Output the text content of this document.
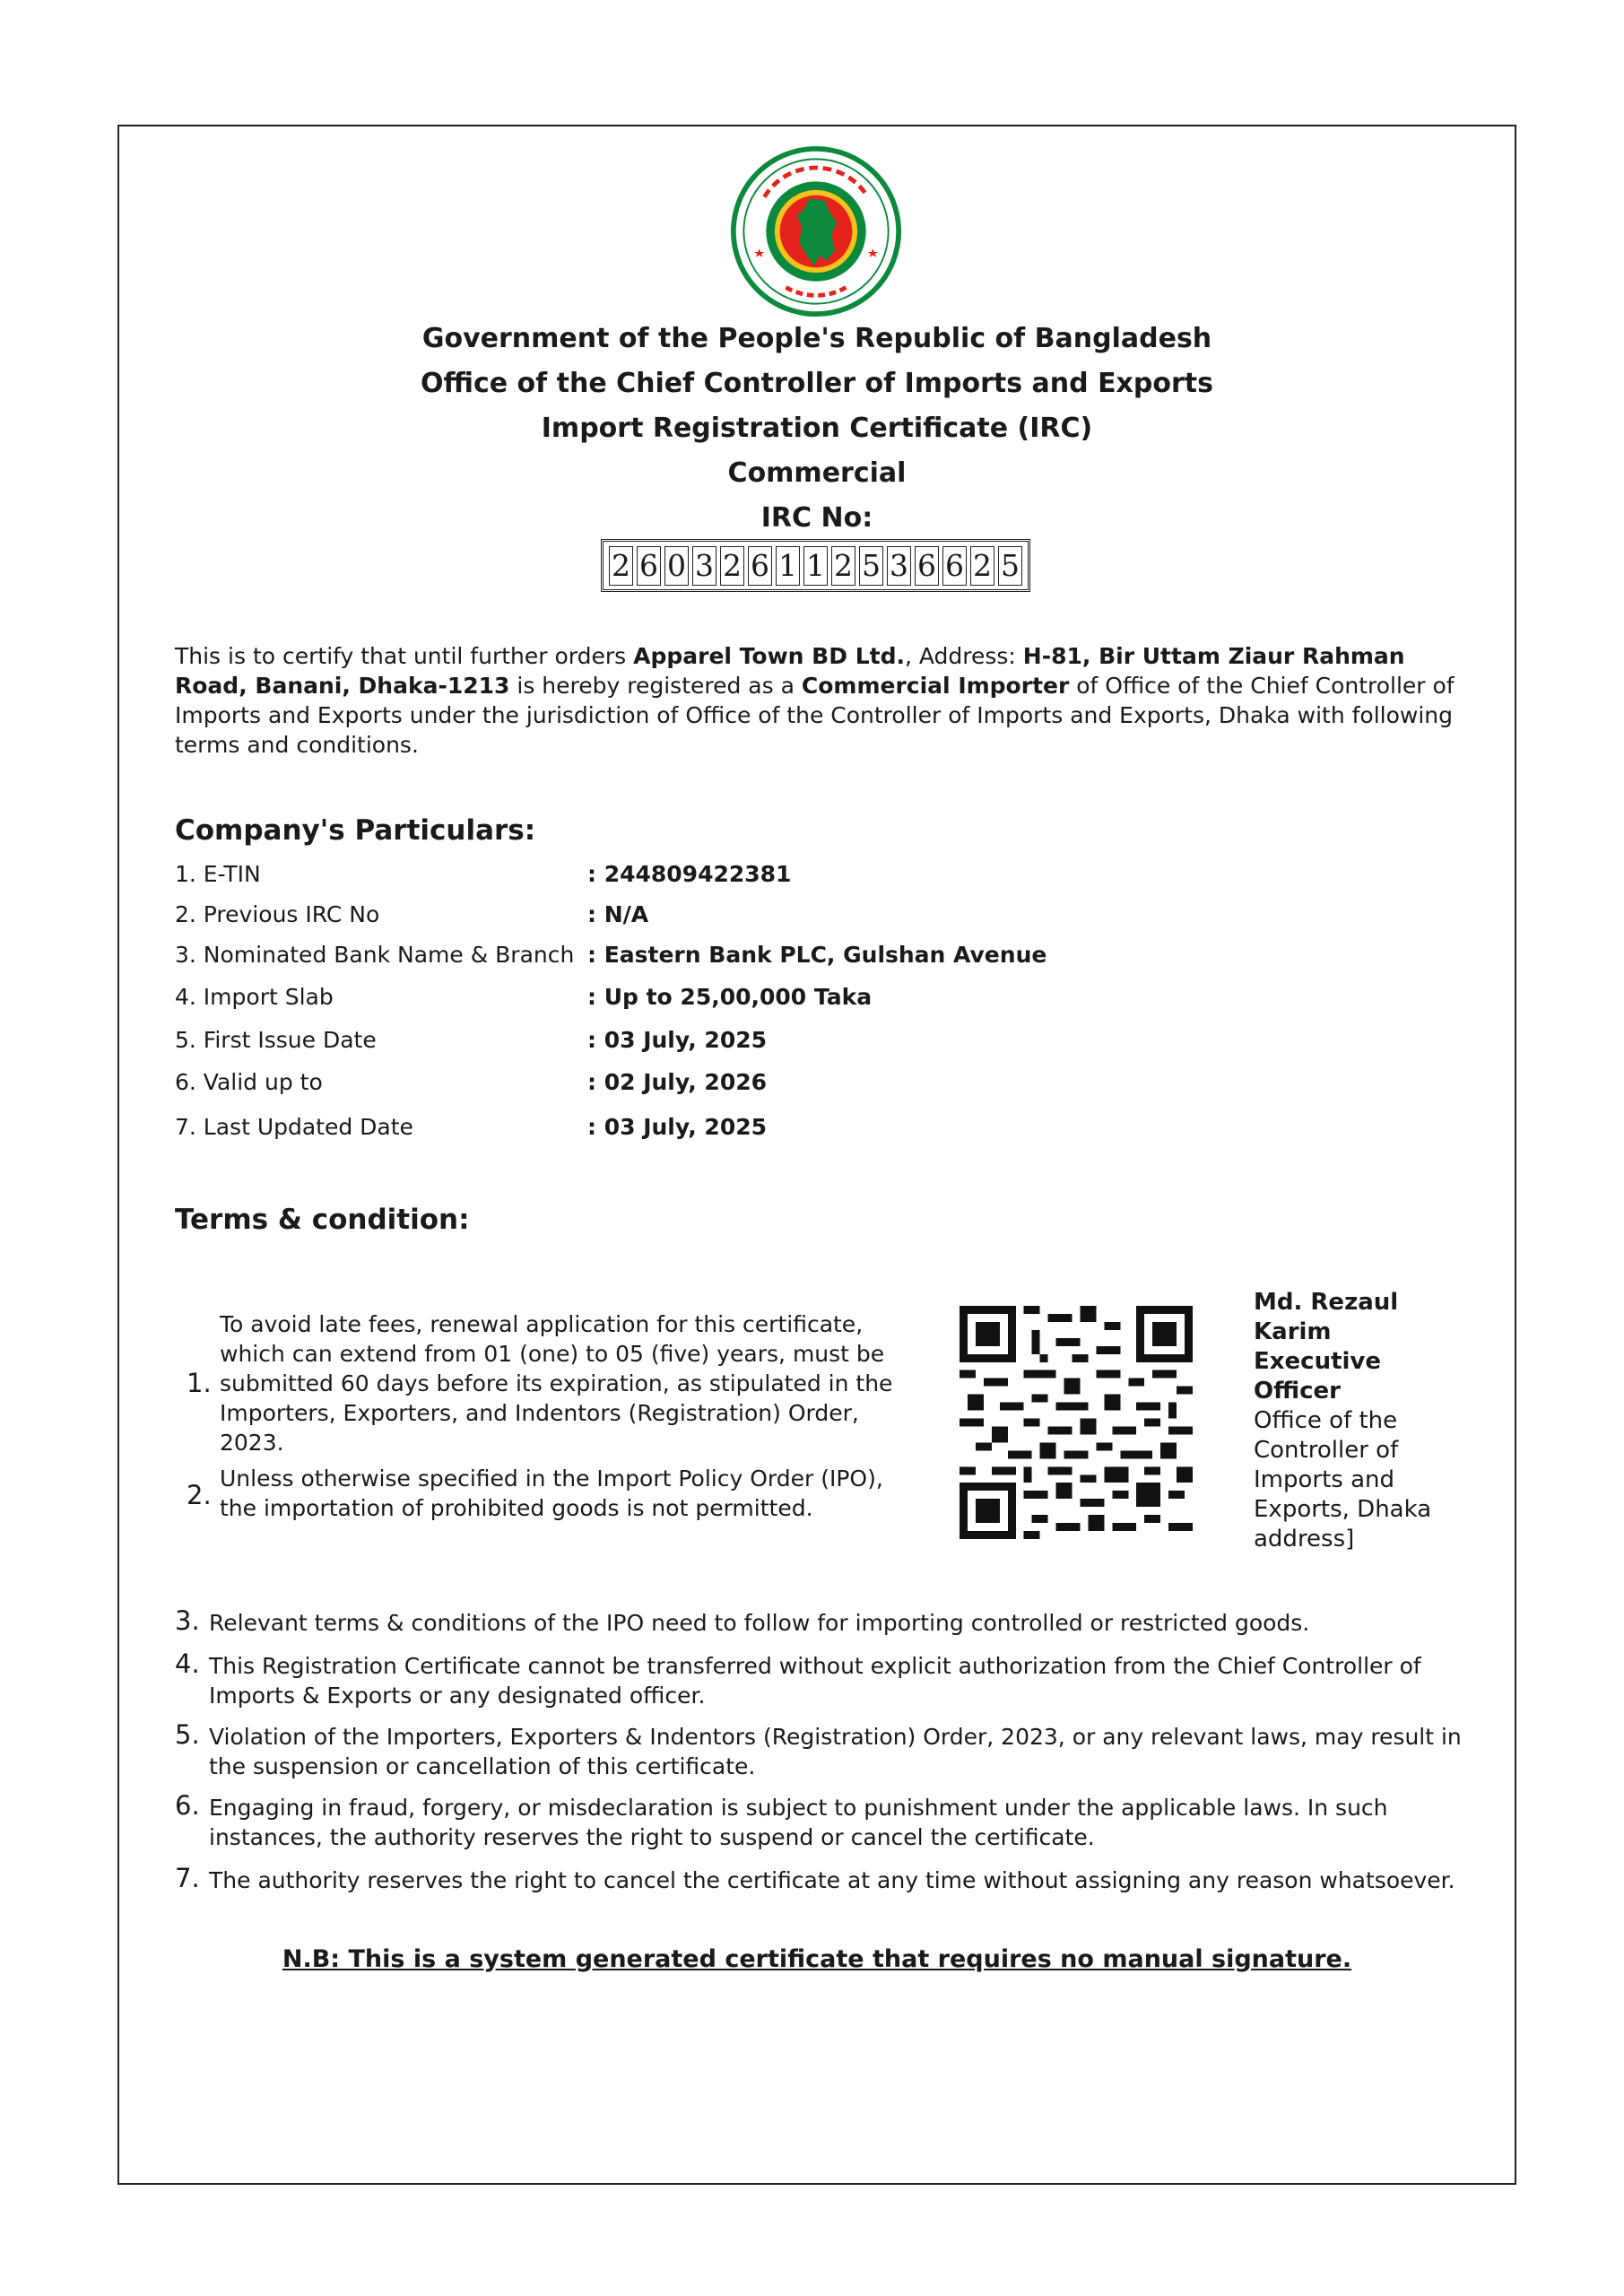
Government of the People's Republic of Bangladesh
Office of the Chief Controller of Imports and Exports
Import Registration Certificate (IRC)
Commercial
IRC No:
2 6 0 3 2 6 1 1 2 5 3 6 6 2 5
This is to certify that until further orders Apparel Town BD Ltd., Address: H-81, Bir Uttam Ziaur Rahman Road, Banani, Dhaka-1213 is hereby registered as a Commercial Importer of Office of the Chief Controller of Imports and Exports under the jurisdiction of Office of the Controller of Imports and Exports, Dhaka with following terms and conditions.
Company's Particulars:
1. E-TIN	: 244809422381
2. Previous IRC No	: N/A
3. Nominated Bank Name & Branch : Eastern Bank PLC, Gulshan Avenue
4. Import Slab	: Up to 25,00,000 Taka
5. First Issue Date	: 03 July, 2025
6. Valid up to	: 02 July, 2026
7. Last Updated Date	: 03 July, 2025
Terms & condition:
1.
To avoid late fees, renewal application for this certificate, which can extend from 01 (one) to 05 (five) years, must be submitted 60 days before its expiration, as stipulated in the Importers, Exporters, and Indentors (Registration) Order, 2023.
2.
Unless otherwise specified in the Import Policy Order (IPO), the importation of prohibited goods is not permitted.
Md. Rezaul Karim Executive Officer
Office of the Controller of Imports and Exports, Dhaka address]
3. Relevant terms & conditions of the IPO need to follow for importing controlled or restricted goods.
4. This Registration Certificate cannot be transferred without explicit authorization from the Chief Controller of Imports & Exports or any designated officer.
5. Violation of the Importers, Exporters & Indentors (Registration) Order, 2023, or any relevant laws, may result in the suspension or cancellation of this certificate.
6. Engaging in fraud, forgery, or misdeclaration is subject to punishment under the applicable laws. In such instances, the authority reserves the right to suspend or cancel the certificate.
7. The authority reserves the right to cancel the certificate at any time without assigning any reason whatsoever.
N.B: This is a system generated certificate that requires no manual signature.
